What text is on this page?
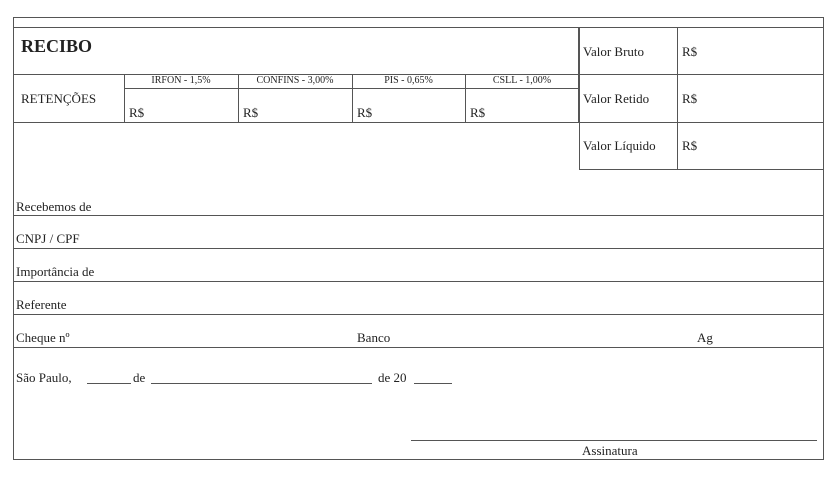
RECIBO
RETENÇÕES
IRFON - 1,5%	CONFINS - 3,00%	PIS - 0,65%	CSLL - 1,00%
R$	R$	R$	R$
Valor Bruto	R$
Valor Retido	R$
Valor Líquido R$
Recebemos de
CNPJ / CPF
Importância de
Referente
Cheque nº	Banco	Ag
São Paulo,	de	de 20
Assinatura
